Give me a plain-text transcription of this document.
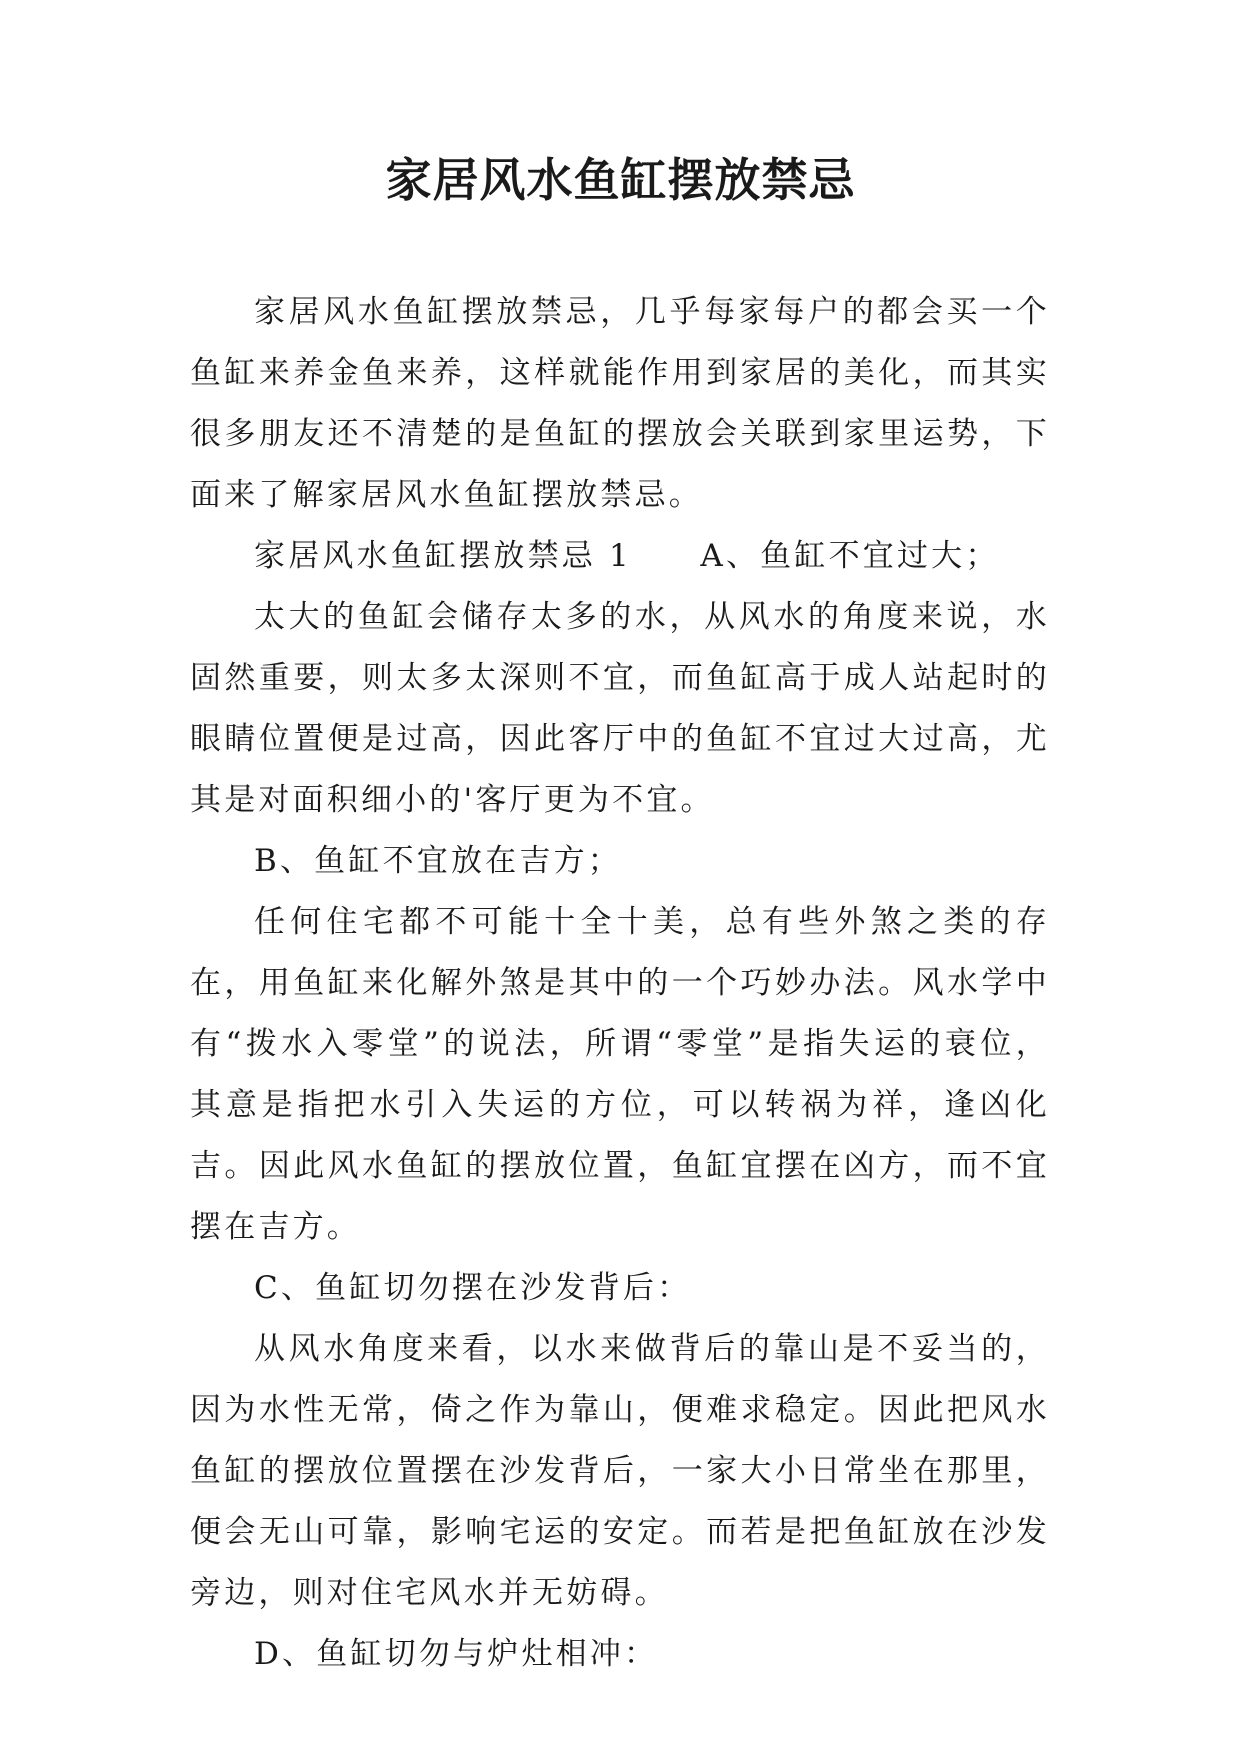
家居风水鱼缸摆放禁忌

家居风水鱼缸摆放禁忌，几乎每家每户的都会买一个鱼缸来养金鱼来养，这样就能作用到家居的美化，而其实很多朋友还不清楚的是鱼缸的摆放会关联到家里运势，下面来了解家居风水鱼缸摆放禁忌。

家居风水鱼缸摆放禁忌 1　　A、鱼缸不宜过大；

太大的鱼缸会储存太多的水，从风水的角度来说，水固然重要，则太多太深则不宜，而鱼缸高于成人站起时的眼睛位置便是过高，因此客厅中的鱼缸不宜过大过高，尤其是对面积细小的'客厅更为不宜。

B、鱼缸不宜放在吉方；

任何住宅都不可能十全十美，总有些外煞之类的存在，用鱼缸来化解外煞是其中的一个巧妙办法。风水学中有“拨水入零堂”的说法，所谓“零堂”是指失运的衰位，其意是指把水引入失运的方位，可以转祸为祥，逢凶化吉。因此风水鱼缸的摆放位置，鱼缸宜摆在凶方，而不宜摆在吉方。

C、鱼缸切勿摆在沙发背后：

从风水角度来看，以水来做背后的靠山是不妥当的，因为水性无常，倚之作为靠山，便难求稳定。因此把风水鱼缸的摆放位置摆在沙发背后，一家大小日常坐在那里，便会无山可靠，影响宅运的安定。而若是把鱼缸放在沙发旁边，则对住宅风水并无妨碍。

D、鱼缸切勿与炉灶相冲：
